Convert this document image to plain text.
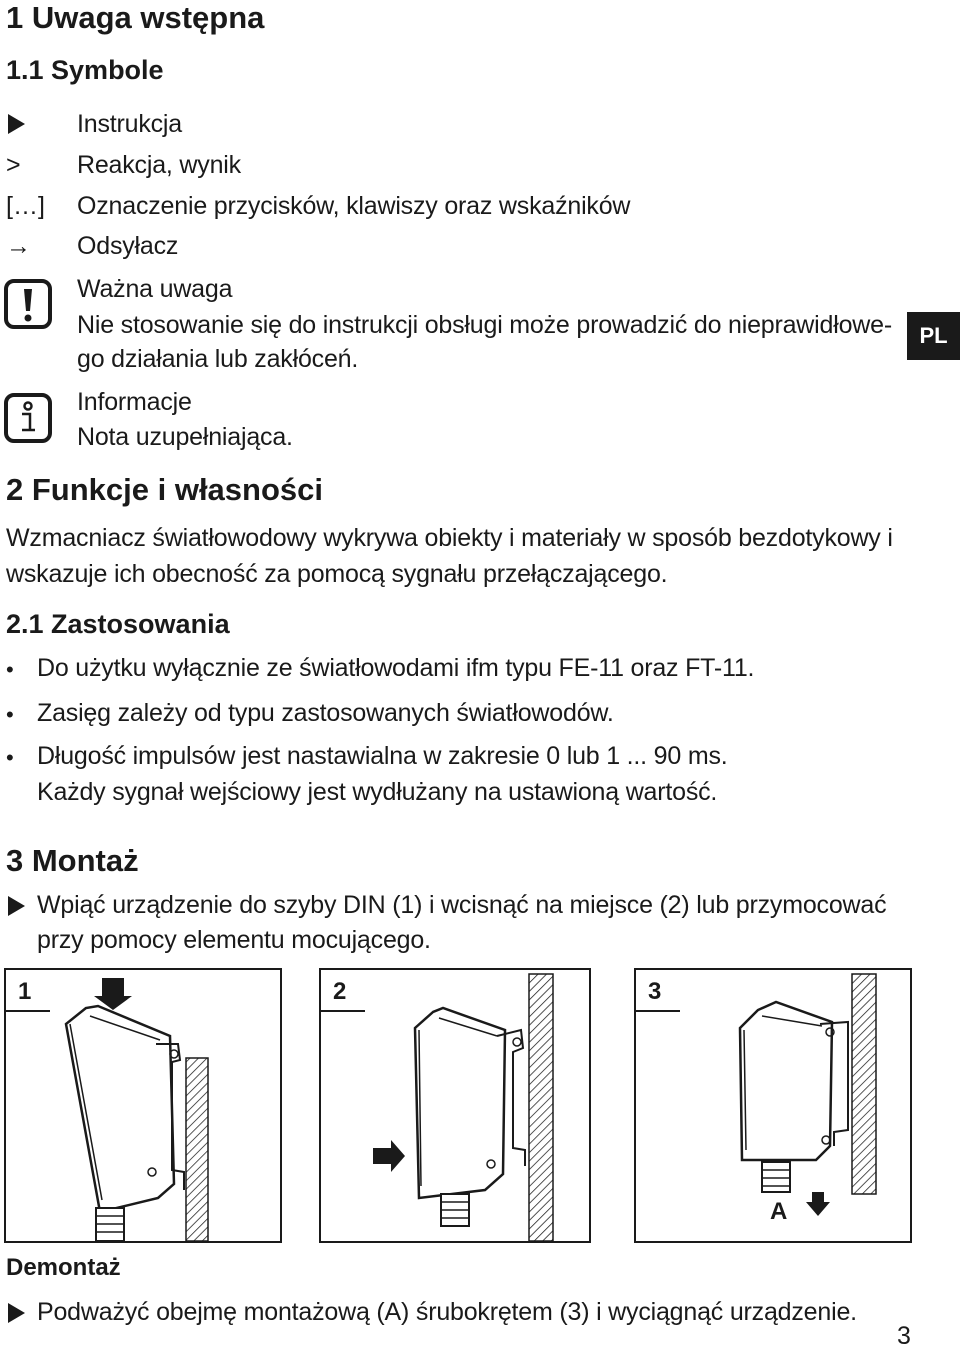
1 Uwaga wstępna
1.1 Symbole
Instrukcja
> Reakcja, wynik
[…] Oznaczenie przycisków, klawiszy oraz wskaźników
→ Odsyłacz
Ważna uwaga
Nie stosowanie się do instrukcji obsługi może prowadzić do nieprawidłowe-
go działania lub zakłóceń.
Informacje
Nota uzupełniająca.
PL
2 Funkcje i własności
Wzmacniacz światłowodowy wykrywa obiekty i materiały w sposób bezdotykowy i
wskazuje ich obecność za pomocą sygnału przełączającego.
2.1 Zastosowania
• Do użytku wyłącznie ze światłowodami ifm typu FE-11 oraz FT-11.
• Zasięg zależy od typu zastosowanych światłowodów.
• Długość impulsów jest nastawialna w zakresie 0 lub 1 ... 90 ms.
Każdy sygnał wejściowy jest wydłużany na ustawioną wartość.
3 Montaż
Wpiąć urządzenie do szyby DIN (1) i wcisnąć na miejsce (2) lub przymocować
przy pomocy elementu mocującego.
1	2	3
A
Demontaż
Podważyć obejmę montażową (A) śrubokrętem (3) i wyciągnąć urządzenie.
3
